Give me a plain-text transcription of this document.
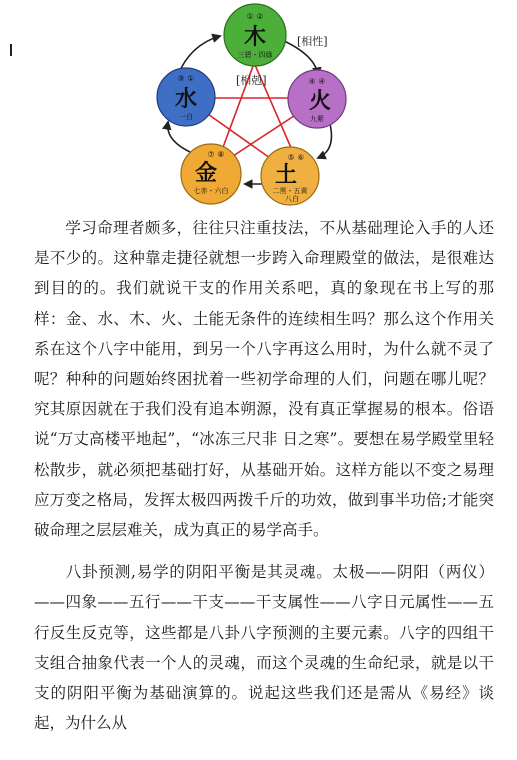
[相性]
[相剋]
① ②
木
三碧・四綠
④ ④
火
九紫
⑤ ⑥
土
二黑・五黄
八白
⑦ ⑧
金
七赤・六白
⑨ ①
水
一白

学习命理者颇多，往往只注重技法，不从基础理论入手的人还是不少的。这种靠走捷径就想一步跨入命理殿堂的做法，是很难达到目的的。我们就说干支的作用关系吧，真的象现在书上写的那样：金、水、木、火、土能无条件的连续相生吗？那么这个作用关系在这个八字中能用，到另一个八字再这么用时，为什么就不灵了呢？种种的问题始终困扰着一些初学命理的人们，问题在哪儿呢？究其原因就在于我们没有追本朔源，没有真正掌握易的根本。俗语说“万丈高楼平地起”，“冰冻三尺非 日之寒”。要想在易学殿堂里轻松散步，就必须把基础打好，从基础开始。这样方能以不变之易理应万变之格局，发挥太极四两拨千斤的功效，做到事半功倍;才能突破命理之层层难关，成为真正的易学高手。

八卦预测,易学的阴阳平衡是其灵魂。太极——阴阳（两仪）——四象——五行——干支——干支属性——八字日元属性——五行反生反克等，这些都是八卦八字预测的主要元素。八字的四组干支组合抽象代表一个人的灵魂，而这个灵魂的生命纪录，就是以干支的阴阳平衡为基础演算的。说起这些我们还是需从《易经》谈起，为什么从
